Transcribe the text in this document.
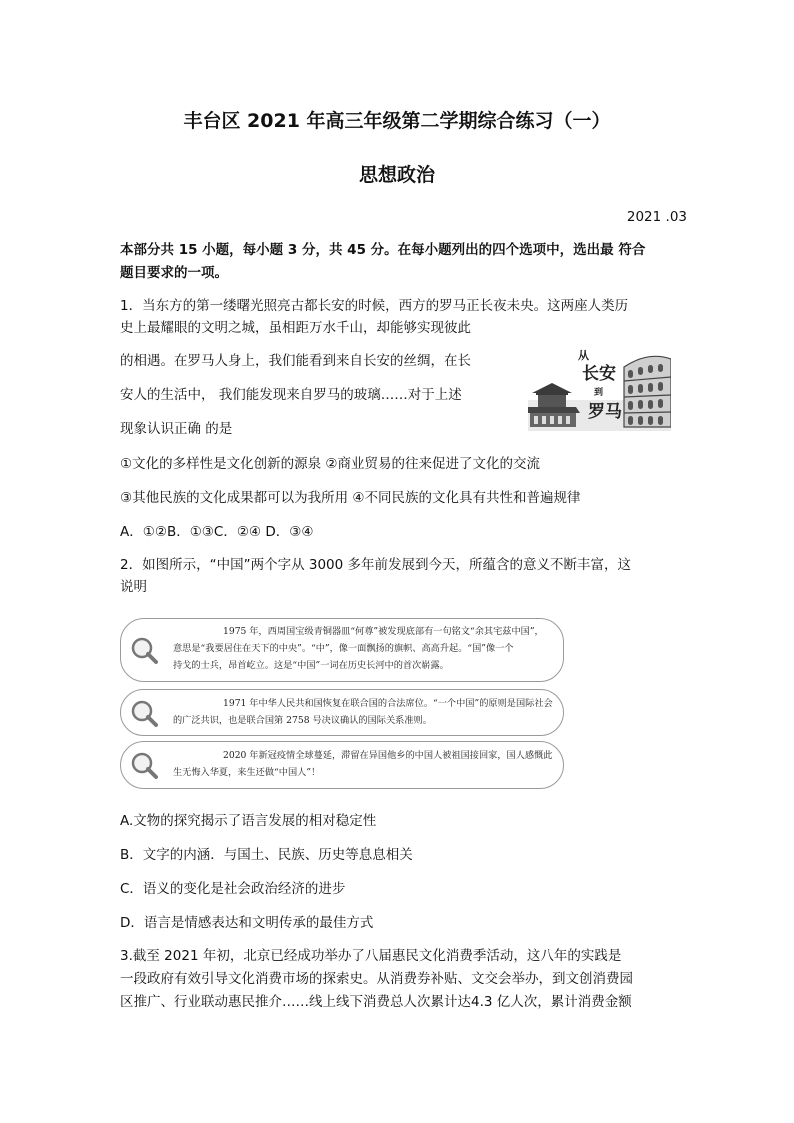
丰台区 2021 年高三年级第二学期综合练习（一）
思想政治
2021 .03
本部分共 15 小题，每小题 3 分，共 45 分。在每小题列出的四个选项中，选出最 符合
题目要求的一项。
1．当东方的第一缕曙光照亮古都长安的时候，西方的罗马正长夜未央。这两座人类历
史上最耀眼的文明之城，虽相距万水千山，却能够实现彼此
的相遇。在罗马人身上，我们能看到来自长安的丝绸，在长
安人的生活中， 我们能发现来自罗马的玻璃……对于上述
现象认识正确 的是
从
长安
到
罗马
①文化的多样性是文化创新的源泉 ②商业贸易的往来促进了文化的交流
③其他民族的文化成果都可以为我所用 ④不同民族的文化具有共性和普遍规律
A．①②B．①③C．②④ D．③④
2．如图所示，“中国”两个字从 3000 多年前发展到今天，所蕴含的意义不断丰富，这
说明
1975 年，西周国宝级青铜器皿“何尊”被发现底部有一句铭文“余其宅兹中国”，
意思是“我要居住在天下的中央”。“中”，像一面飘扬的旗帜、高高升起。“国”像一个
持戈的士兵，昂首屹立。这是“中国”一词在历史长河中的首次崭露。
1971 年中华人民共和国恢复在联合国的合法席位。“一个中国”的原则是国际社会
的广泛共识，也是联合国第 2758 号决议确认的国际关系准则。
2020 年新冠疫情全球蔓延，滞留在异国他乡的中国人被祖国接回家，国人感慨此
生无悔入华夏，来生还做“中国人”！
A.文物的探究揭示了语言发展的相对稳定性
B．文字的内涵．与国土、民族、历史等息息相关
C．语义的变化是社会政治经济的进步
D．语言是情感表达和文明传承的最佳方式
3.截至 2021 年初，北京已经成功举办了八届惠民文化消费季活动，这八年的实践是
一段政府有效引导文化消费市场的探索史。从消费券补贴、文交会举办，到文创消费园
区推广、行业联动惠民推介……线上线下消费总人次累计达4.3 亿人次，累计消费金额
